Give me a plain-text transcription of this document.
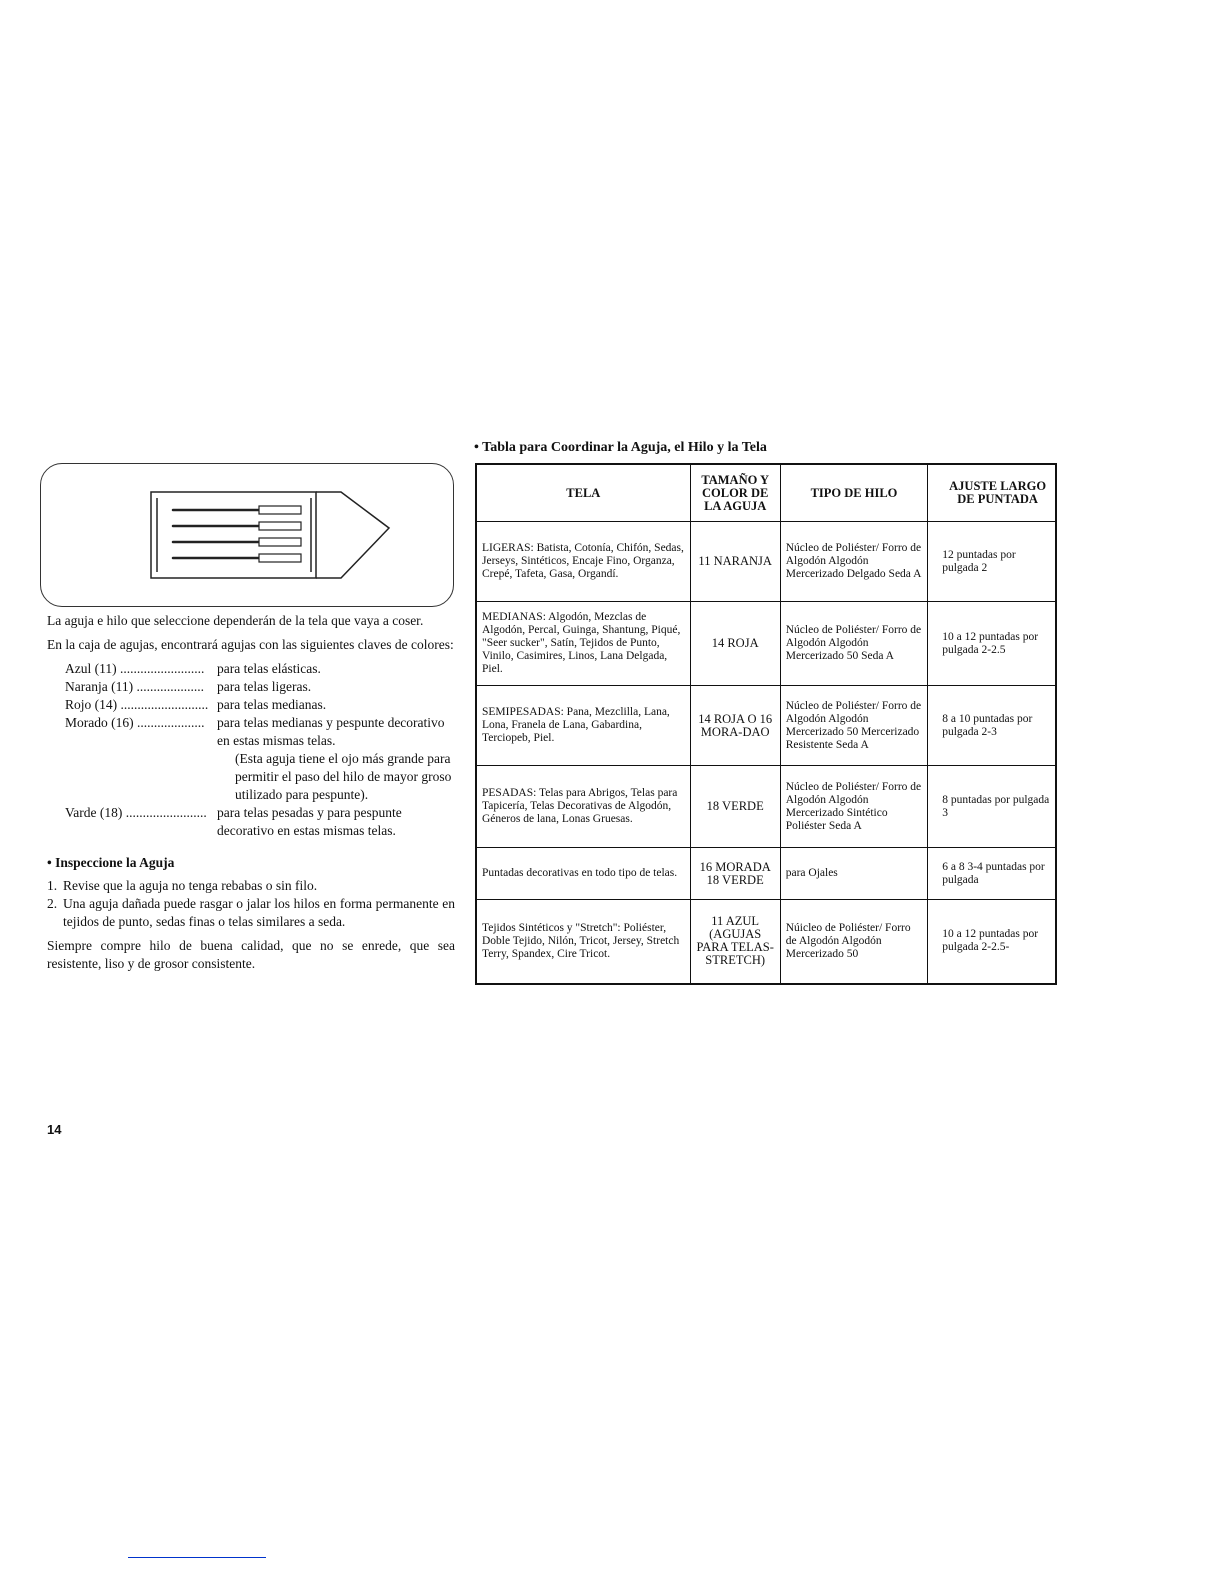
La aguja e hilo que seleccione dependerán de la tela que vaya a coser.

En la caja de agujas, encontrará agujas con las siguientes claves de colores:

Azul (11) ......................... para telas elásticas.
Naranja (11) .................... para telas ligeras.
Rojo (14) .......................... para telas medianas.
Morado (16) .................... para telas medianas y pespunte decorativo en estas mismas telas.
(Esta aguja tiene el ojo más grande para permitir el paso del hilo de mayor groso utilizado para pespunte).
Varde (18) ........................ para telas pesadas y para pespunte decorativo en estas mismas telas.
• Inspeccione la Aguja
1. Revise que la aguja no tenga rebabas o sin filo.
2. Una aguja dañada puede rasgar o jalar los hilos en forma permanente en tejidos de punto, sedas finas o telas similares a seda.

Siempre compre hilo de buena calidad, que no se enrede, que sea resistente, liso y de grosor consistente.

• Tabla para Coordinar la Aguja, el Hilo y la Tela
TELA	TAMAÑO Y COLOR DE LA AGUJA	TIPO DE HILO	AJUSTE LARGO DE PUNTADA
LIGERAS: Batista, Cotonía, Chifón, Sedas, Jerseys, Sintéticos, Encaje Fino, Organza, Crepé, Tafeta, Gasa, Organdí.	11 NARANJA	Núcleo de Poliéster/ Forro de Algodón Algodón Mercerizado Delgado Seda A	12 puntadas por pulgada 2
MEDIANAS: Algodón, Mezclas de Algodón, Percal, Guinga, Shantung, Piqué, "Seer sucker", Satín, Tejidos de Punto, Vinilo, Casimires, Linos, Lana Delgada, Piel.	14 ROJA	Núcleo de Poliéster/ Forro de Algodón Algodón Mercerizado 50 Seda A	10 a 12 puntadas por pulgada 2-2.5
SEMIPESADAS: Pana, Mezclilla, Lana, Lona, Franela de Lana, Gabardina, Terciopeb, Piel.	14 ROJA O 16 MORA-DAO	Núcleo de Poliéster/ Forro de Algodón Algodón Mercerizado 50 Mercerizado Resistente Seda A	8 a 10 puntadas por pulgada 2-3
PESADAS: Telas para Abrigos, Telas para Tapicería, Telas Decorativas de Algodón, Géneros de lana, Lonas Gruesas.	18 VERDE	Núcleo de Poliéster/ Forro de Algodón Algodón Mercerizado Sintético Poliéster Seda A	8 puntadas por pulgada 3
Puntadas decorativas en todo tipo de telas.	16 MORADA 18 VERDE	para Ojales	6 a 8 3-4 puntadas por pulgada
Tejidos Sintéticos y "Stretch": Poliéster, Doble Tejido, Nilón, Tricot, Jersey, Stretch Terry, Spandex, Cire Tricot.	11 AZUL (AGUJAS PARA TELAS-STRETCH)	Núicleo de Poliéster/ Forro de Algodón Algodón Mercerizado 50	10 a 12 puntadas por pulgada 2-2.5-
14
